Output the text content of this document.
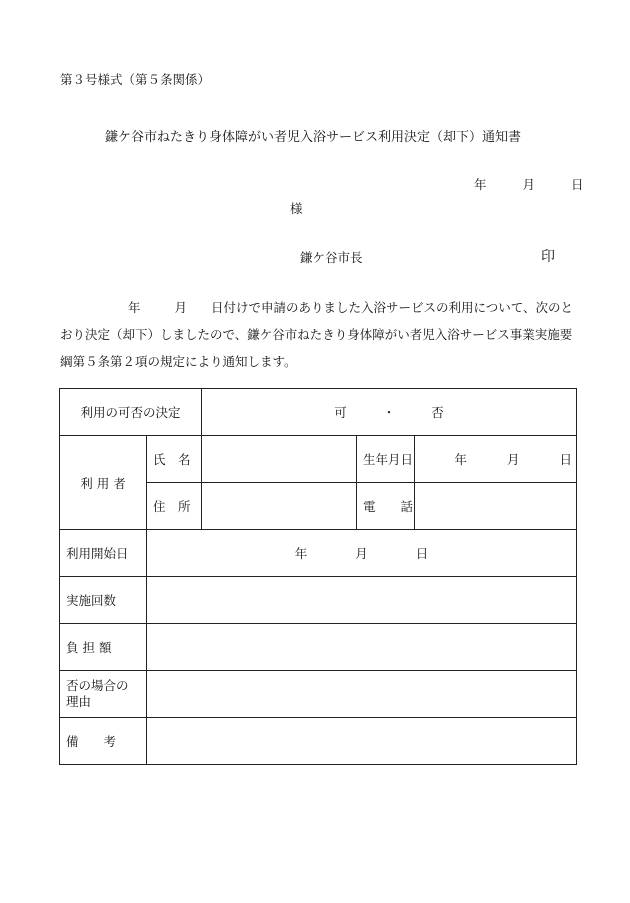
第３号様式（第５条関係）
鎌ケ谷市ねたきり身体障がい者児入浴サービス利用決定（却下）通知書
年	月	日
様
鎌ケ谷市長	印
年	月 日付けで申請のありました入浴サービスの利用について、次のとおり決定（却下）しましたので、鎌ケ谷市ねたきり身体障がい者児入浴サービス事業実施要綱第５条第２項の規定により通知します。
利用の可否の決定		可 ・ 否		
利 用 者	氏　名		生年月日	年 月 日
	住　所		電　　話	
利用開始日	年 月 日			
実施回数				
負 担 額				

否の場合の
理由				

備　　考				
